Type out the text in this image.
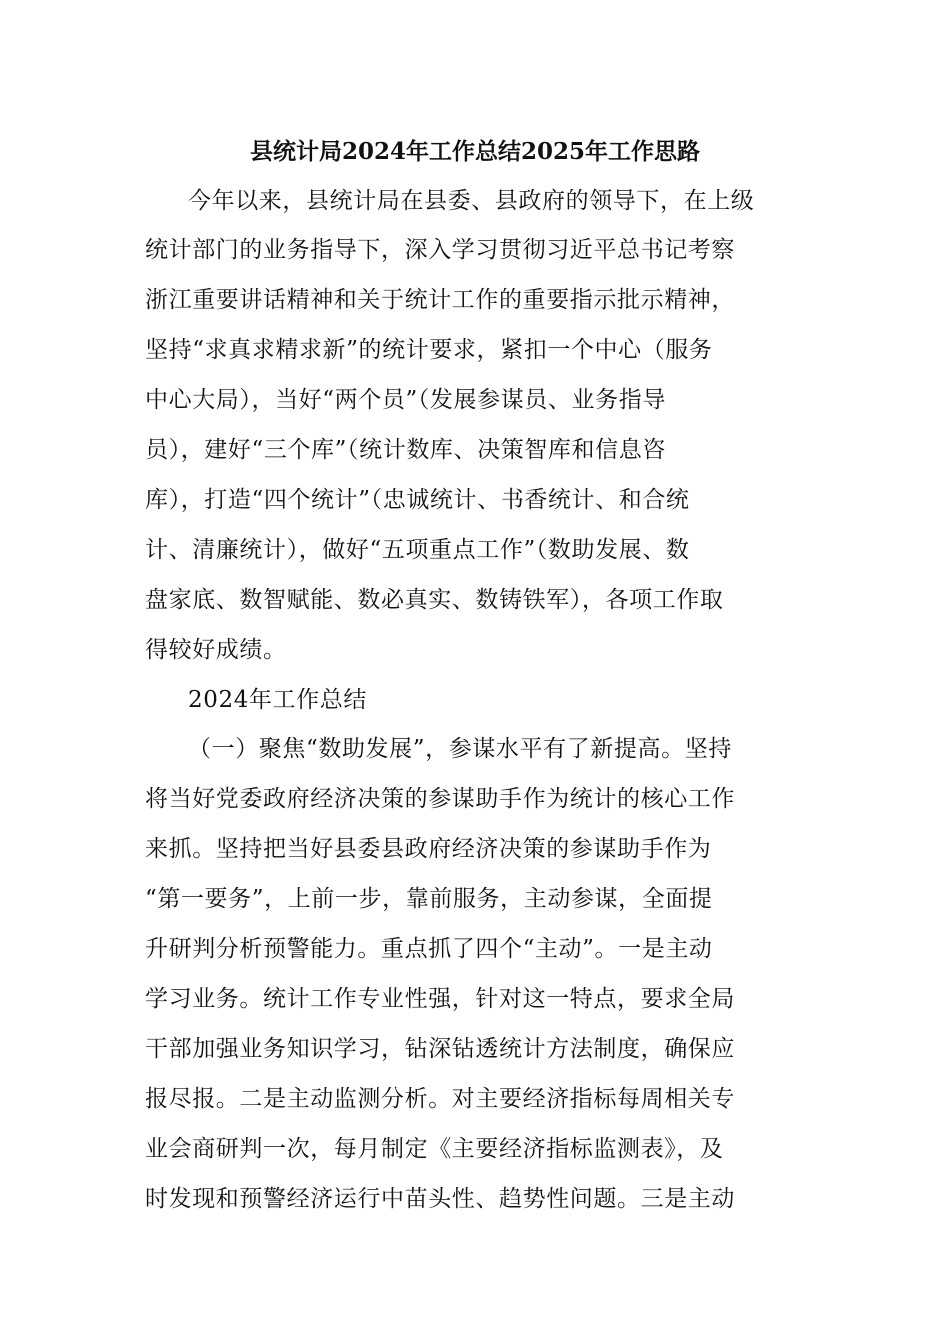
县统计局2024年工作总结2025年工作思路

今年以来，县统计局在县委、县政府的领导下，在上级

统计部门的业务指导下，深入学习贯彻习近平总书记考察

浙江重要讲话精神和关于统计工作的重要指示批示精神，

坚持“求真求精求新”的统计要求，紧扣一个中心（服务

中心大局），当好“两个员”（发展参谋员、业务指导

员），建好“三个库”（统计数库、决策智库和信息咨

库），打造“四个统计”（忠诚统计、书香统计、和合统

计、清廉统计），做好“五项重点工作”（数助发展、数

盘家底、数智赋能、数必真实、数铸铁军），各项工作取

得较好成绩。

2024年工作总结

（一）聚焦“数助发展”，参谋水平有了新提高。坚持

将当好党委政府经济决策的参谋助手作为统计的核心工作

来抓。坚持把当好县委县政府经济决策的参谋助手作为

“第一要务”，上前一步，靠前服务，主动参谋，全面提

升研判分析预警能力。重点抓了四个“主动”。一是主动

学习业务。统计工作专业性强，针对这一特点，要求全局

干部加强业务知识学习，钻深钻透统计方法制度，确保应

报尽报。二是主动监测分析。对主要经济指标每周相关专

业会商研判一次，每月制定《主要经济指标监测表》，及

时发现和预警经济运行中苗头性、趋势性问题。三是主动
